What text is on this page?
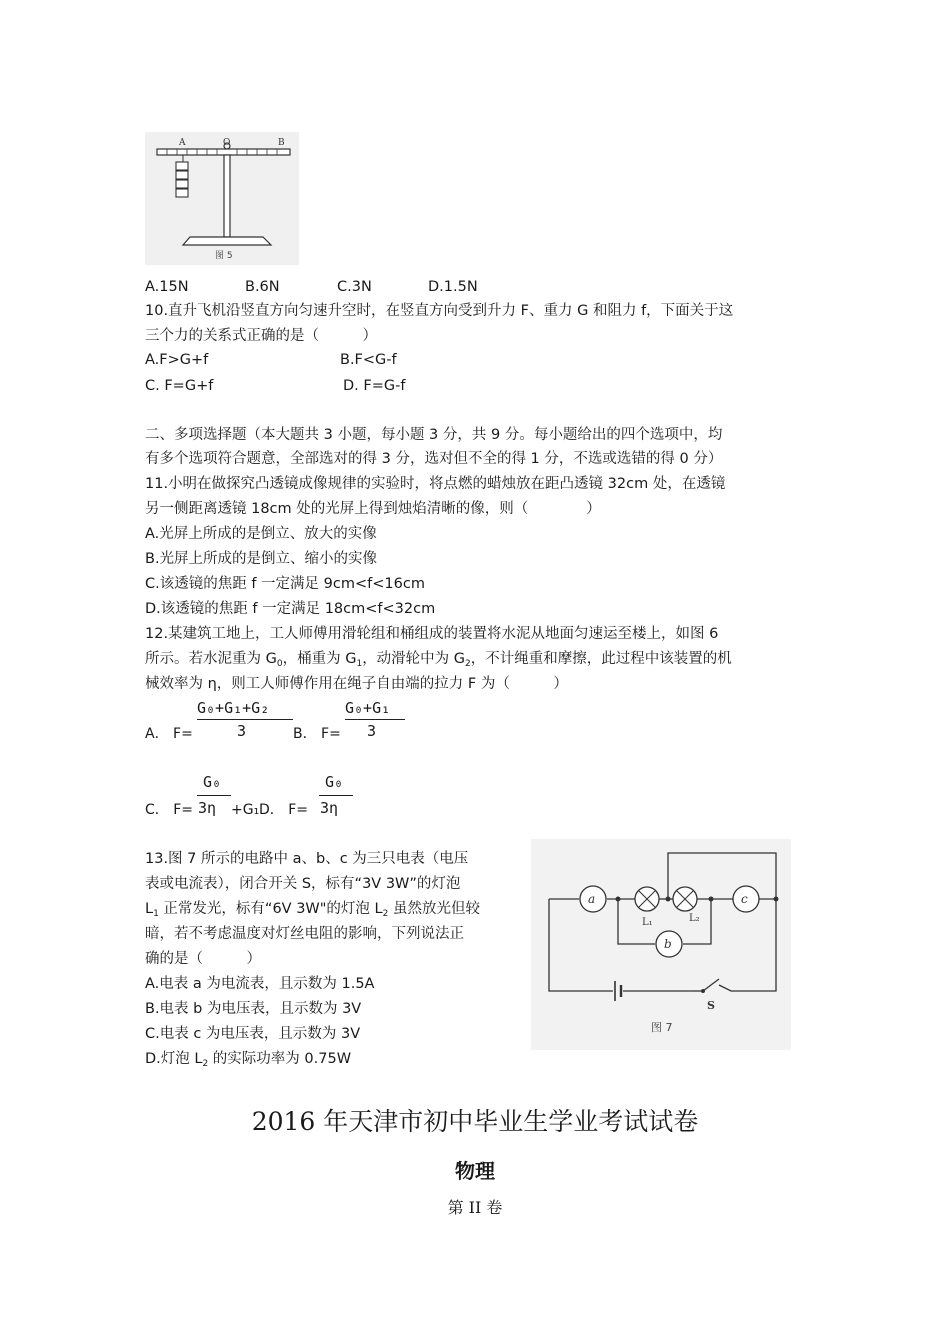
A	O	B
图 5
A.15N	B.6N	C.3N	D.1.5N
10.直升飞机沿竖直方向匀速升空时，在竖直方向受到升力 F、重力 G 和阻力 f，下面关于这
三个力的关系式正确的是（　　　）
A.F>G+f	B.F<G-f
C. F=G+f	D. F=G-f
二、多项选择题（本大题共 3 小题，每小题 3 分，共 9 分。每小题给出的四个选项中，均
有多个选项符合题意，全部选对的得 3 分，选对但不全的得 1 分，不选或选错的得 0 分）
11.小明在做探究凸透镜成像规律的实验时，将点燃的蜡烛放在距凸透镜 32cm 处，在透镜
另一侧距离透镜 18cm 处的光屏上得到烛焰清晰的像，则（　　　　）
A.光屏上所成的是倒立、放大的实像
B.光屏上所成的是倒立、缩小的实像
C.该透镜的焦距 f 一定满足 9cm<f<16cm
D.该透镜的焦距 f 一定满足 18cm<f<32cm
12.某建筑工地上，工人师傅用滑轮组和桶组成的装置将水泥从地面匀速运至楼上，如图 6
所示。若水泥重为 $G_0$，桶重为 $G_1$，动滑轮中为 $G_2$，不计绳重和摩擦，此过程中该装置的机
械效率为 η，则工人师傅作用在绳子自由端的拉力 F 为（　　　）
A． F=
G₀+G₁+G₂
3	B． F=
G₀+G₁
3
C． F=
G₀
3η +G₁ D． F=
G₀
3η
13.图 7 所示的电路中 a、b、c 为三只电表（电压
表或电流表），闭合开关 S，标有“3V 3W”的灯泡
$L_1$ 正常发光，标有“6V 3W"的灯泡 $L_2$ 虽然放光但较
暗，若不考虑温度对灯丝电阻的影响，下列说法正
确的是（　　　）
A.电表 a 为电流表，且示数为 1.5A
B.电表 b 为电压表，且示数为 3V
C.电表 c 为电压表，且示数为 3V
D.灯泡 $L_2$ 的实际功率为 0.75W
a
L₁	L₂
c
b
S
图 7
2016 年天津市初中毕业生学业考试试卷
物理
第 II 卷
